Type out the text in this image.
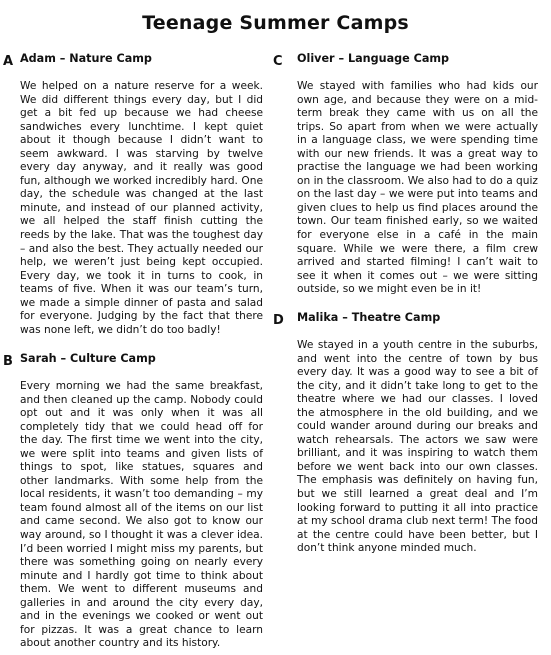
Teenage Summer Camps
A Adam – Nature Camp
We helped on a nature reserve for a week. We did different things every day, but I did get a bit fed up because we had cheese sandwiches every lunchtime. I kept quiet about it though because I didn’t want to seem awkward. I was starving by twelve every day anyway, and it really was good fun, although we worked incredibly hard. One day, the schedule was changed at the last minute, and instead of our planned activity, we all helped the staff finish cutting the reeds by the lake. That was the toughest day – and also the best. They actually needed our help, we weren’t just being kept occupied. Every day, we took it in turns to cook, in teams of five. When it was our team’s turn, we made a simple dinner of pasta and salad for everyone. Judging by the fact that there was none left, we didn’t do too badly!
B Sarah – Culture Camp
Every morning we had the same breakfast, and then cleaned up the camp. Nobody could opt out and it was only when it was all completely tidy that we could head off for the day. The first time we went into the city, we were split into teams and given lists of things to spot, like statues, squares and other landmarks. With some help from the local residents, it wasn’t too demanding – my team found almost all of the items on our list and came second. We also got to know our way around, so I thought it was a clever idea. I’d been worried I might miss my parents, but there was something going on nearly every minute and I hardly got time to think about them. We went to different museums and galleries in and around the city every day, and in the evenings we cooked or went out for pizzas. It was a great chance to learn about another country and its history.
C Oliver – Language Camp
We stayed with families who had kids our own age, and because they were on a mid-term break they came with us on all the trips. So apart from when we were actually in a language class, we were spending time with our new friends. It was a great way to practise the language we had been working on in the classroom. We also had to do a quiz on the last day – we were put into teams and given clues to help us find places around the town. Our team finished early, so we waited for everyone else in a café in the main square. While we were there, a film crew arrived and started filming! I can’t wait to see it when it comes out – we were sitting outside, so we might even be in it!
D Malika – Theatre Camp
We stayed in a youth centre in the suburbs, and went into the centre of town by bus every day. It was a good way to see a bit of the city, and it didn’t take long to get to the theatre where we had our classes. I loved the atmosphere in the old building, and we could wander around during our breaks and watch rehearsals. The actors we saw were brilliant, and it was inspiring to watch them before we went back into our own classes. The emphasis was definitely on having fun, but we still learned a great deal and I’m looking forward to putting it all into practice at my school drama club next term! The food at the centre could have been better, but I don’t think anyone minded much.
